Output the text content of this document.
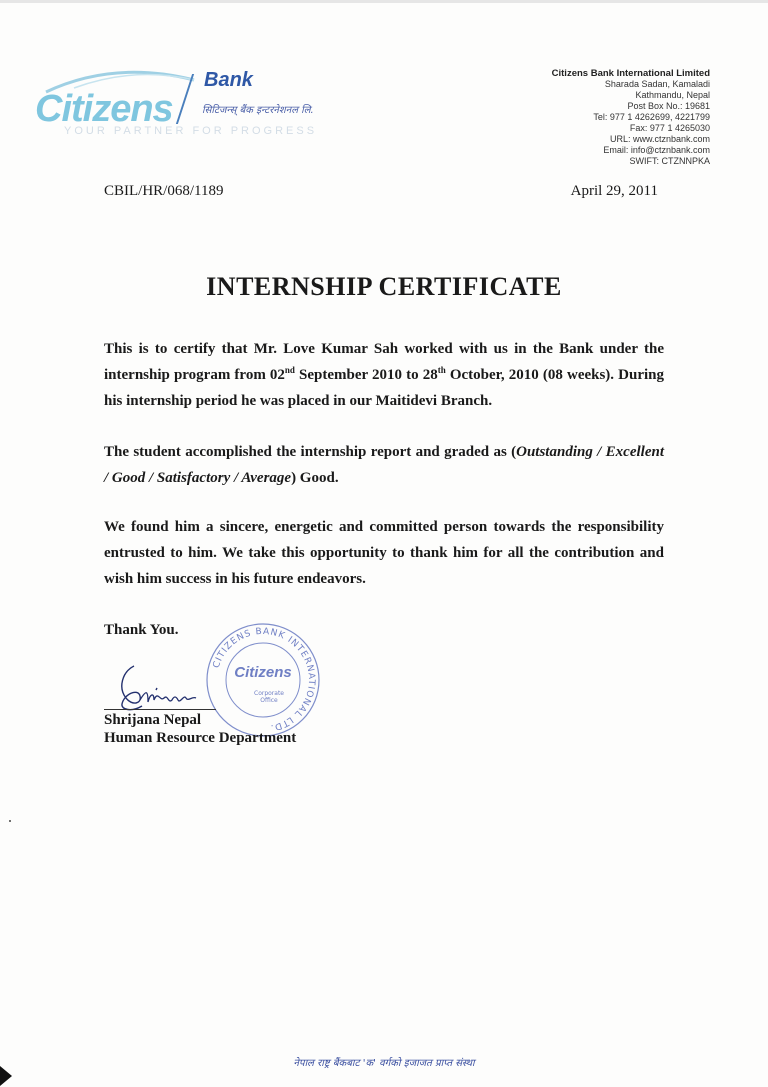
Citizens
Bank
सिटिजन्स् बैंक इन्टरनेशनल लि.
YOUR PARTNER FOR PROGRESS
Citizens Bank International Limited
Sharada Sadan, Kamaladi
Kathmandu, Nepal
Post Box No.: 19681
Tel: 977 1 4262699, 4221799
Fax: 977 1 4265030
URL: www.ctznbank.com
Email: info@ctznbank.com
SWIFT: CTZNNPKA
CBIL/HR/068/1189	April 29, 2011
INTERNSHIP CERTIFICATE
This is to certify that Mr. Love Kumar Sah worked with us in the Bank under the internship program from 02nd September 2010 to 28th October, 2010 (08 weeks). During his internship period he was placed in our Maitidevi Branch.
The student accomplished the internship report and graded as (Outstanding / Excellent / Good / Satisfactory / Average) Good.
We found him a sincere, energetic and committed person towards the responsibility entrusted to him. We take this opportunity to thank him for all the contribution and wish him success in his future endeavors.
Thank You.
CITIZENS BANK INTERNATIONAL LTD.
Citizens
Corporate
Office
Shrijana Nepal
Human Resource Department
नेपाल राष्ट्र बैंकबाट 'क' वर्गको इजाजत प्राप्त संस्था
